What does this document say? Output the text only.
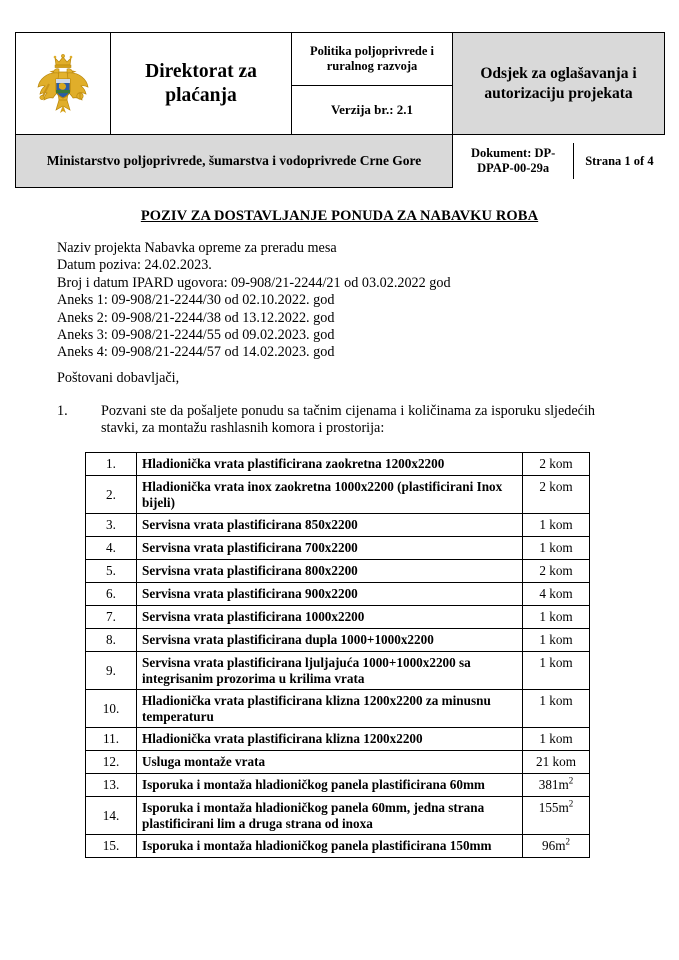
	Direktorat za plaćanja	Politika poljoprivrede i ruralnog razvoja	Odsjek za oglašavanja i autorizaciju projekata
Verzija br.: 2.1
Ministarstvo poljoprivrede, šumarstva i vodoprivrede Crne Gore		Dokument: DP-DPAP-00-29a	Strana 1 of 4
POZIV ZA DOSTAVLJANJE PONUDA ZA NABAVKU ROBA
Naziv projekta Nabavka opreme za preradu mesa
Datum poziva: 24.02.2023.
Broj i datum IPARD ugovora: 09-908/21-2244/21 od 03.02.2022 god
Aneks 1: 09-908/21-2244/30 od 02.10.2022. god
Aneks 2: 09-908/21-2244/38 od 13.12.2022. god
Aneks 3: 09-908/21-2244/55 od 09.02.2023. god
Aneks 4: 09-908/21-2244/57 od 14.02.2023. god
Poštovani dobavljači,
1.	Pozvani ste da pošaljete ponudu sa tačnim cijenama i količinama za isporuku sljedećih stavki, za montažu rashlasnih komora i prostorija:
1.	Hladionička vrata plastificirana zaokretna 1200x2200	2 kom
2.	Hladionička vrata inox zaokretna 1000x2200 (plastificirani Inox bijeli)	2 kom
3.	Servisna vrata plastificirana 850x2200	1 kom
4.	Servisna vrata plastificirana 700x2200	1 kom
5.	Servisna vrata plastificirana 800x2200	2 kom
6.	Servisna vrata plastificirana 900x2200	4 kom
7.	Servisna vrata plastificirana 1000x2200	1 kom
8.	Servisna vrata plastificirana dupla 1000+1000x2200	1 kom
9.	Servisna vrata plastificirana ljuljajuća 1000+1000x2200 sa integrisanim prozorima u krilima vrata	1 kom
10.	Hladionička vrata plastificirana klizna 1200x2200 za minusnu temperaturu	1 kom
11.	Hladionička vrata plastificirana klizna 1200x2200	1 kom
12.	Usluga montaže vrata	21 kom
13.	Isporuka i montaža hladioničkog panela plastificirana 60mm	$381m^2$
14.	Isporuka i montaža hladioničkog panela 60mm, jedna strana plastificirani lim a druga strana od inoxa	$155m^2$
15.	Isporuka i montaža hladioničkog panela plastificirana 150mm	$96m^2$
